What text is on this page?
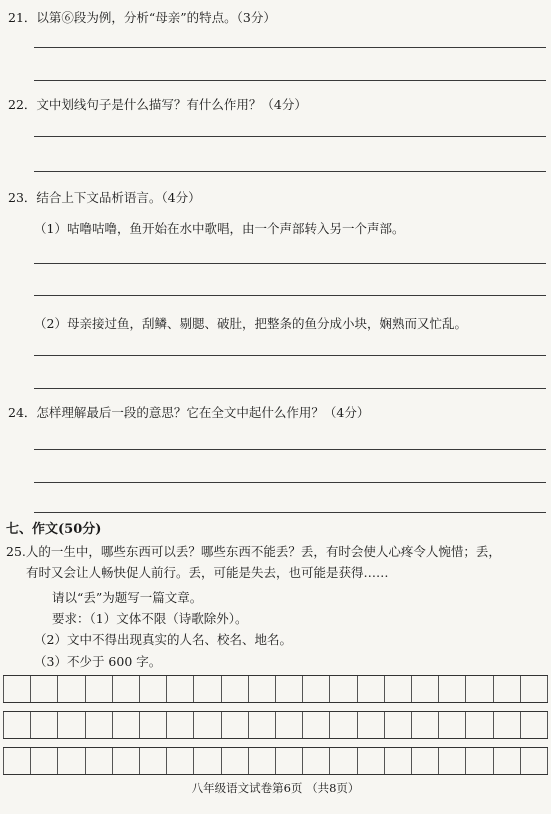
21．以第⑥段为例，分析“母亲”的特点。（3分）
22．文中划线句子是什么描写？有什么作用？（4分）
23．结合上下文品析语言。（4分）
（1）咕噜咕噜，鱼开始在水中歌唱，由一个声部转入另一个声部。
（2）母亲接过鱼，刮鳞、剔腮、破肚，把整条的鱼分成小块，娴熟而又忙乱。
24．怎样理解最后一段的意思？它在全文中起什么作用？（4分）
七、作文(50分)
25.人的一生中，哪些东西可以丢？哪些东西不能丢？丢，有时会使人心疼令人惋惜；丢，
有时又会让人畅快促人前行。丢，可能是失去，也可能是获得……
请以“丢”为题写一篇文章。
要求：（1）文体不限（诗歌除外）。
（2）文中不得出现真实的人名、校名、地名。
（3）不少于 600 字。
八年级语文试卷第6页 （共8页）
